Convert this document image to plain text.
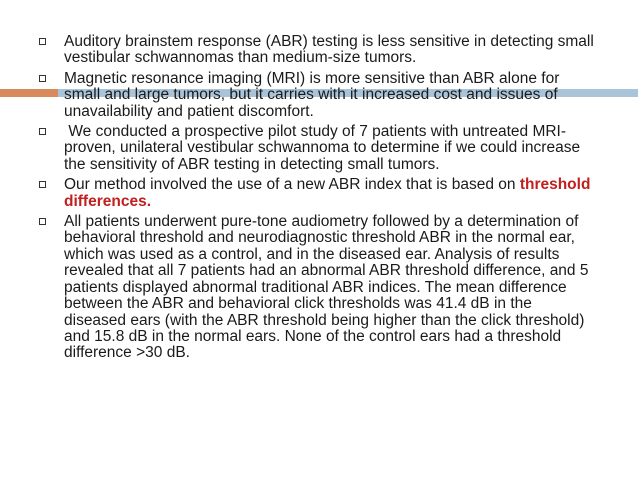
Auditory brainstem response (ABR) testing is less sensitive in detecting small vestibular schwannomas than medium-size tumors.
Magnetic resonance imaging (MRI) is more sensitive than ABR alone for small and large tumors, but it carries with it increased cost and issues of unavailability and patient discomfort.
We conducted a prospective pilot study of 7 patients with untreated MRI-proven, unilateral vestibular schwannoma to determine if we could increase the sensitivity of ABR testing in detecting small tumors.
Our method involved the use of a new ABR index that is based on threshold differences.
All patients underwent pure-tone audiometry followed by a determination of behavioral threshold and neurodiagnostic threshold ABR in the normal ear, which was used as a control, and in the diseased ear. Analysis of results revealed that all 7 patients had an abnormal ABR threshold difference, and 5 patients displayed abnormal traditional ABR indices. The mean difference between the ABR and behavioral click thresholds was 41.4 dB in the diseased ears (with the ABR threshold being higher than the click threshold) and 15.8 dB in the normal ears. None of the control ears had a threshold difference >30 dB.
